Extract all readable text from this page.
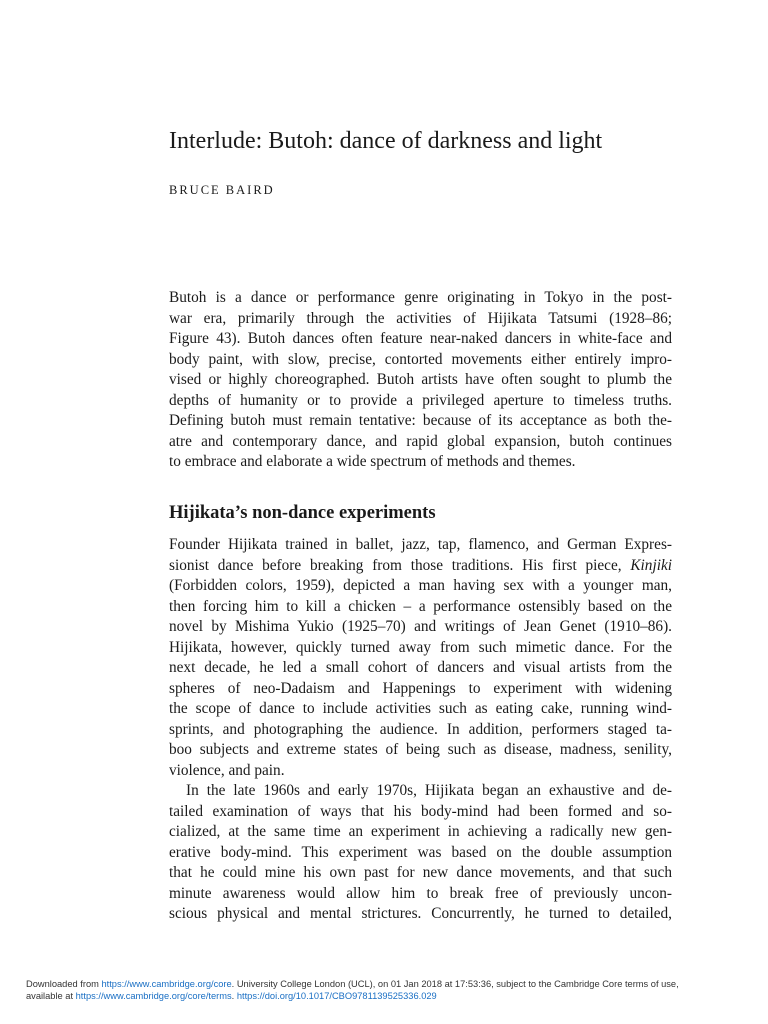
Interlude: Butoh: dance of darkness and light
BRUCE BAIRD

Butoh is a dance or performance genre originating in Tokyo in the post-
war era, primarily through the activities of Hijikata Tatsumi (1928–86;
Figure 43). Butoh dances often feature near-naked dancers in white-face and
body paint, with slow, precise, contorted movements either entirely impro-
vised or highly choreographed. Butoh artists have often sought to plumb the
depths of humanity or to provide a privileged aperture to timeless truths.
Defining butoh must remain tentative: because of its acceptance as both the-
atre and contemporary dance, and rapid global expansion, butoh continues
to embrace and elaborate a wide spectrum of methods and themes.

Hijikata’s non-dance experiments

Founder Hijikata trained in ballet, jazz, tap, flamenco, and German Expres-
sionist dance before breaking from those traditions. His first piece, Kinjiki
(Forbidden colors, 1959), depicted a man having sex with a younger man,
then forcing him to kill a chicken – a performance ostensibly based on the
novel by Mishima Yukio (1925–70) and writings of Jean Genet (1910–86).
Hijikata, however, quickly turned away from such mimetic dance. For the
next decade, he led a small cohort of dancers and visual artists from the
spheres of neo-Dadaism and Happenings to experiment with widening
the scope of dance to include activities such as eating cake, running wind-
sprints, and photographing the audience. In addition, performers staged ta-
boo subjects and extreme states of being such as disease, madness, senility,
violence, and pain.

In the late 1960s and early 1970s, Hijikata began an exhaustive and de-
tailed examination of ways that his body-mind had been formed and so-
cialized, at the same time an experiment in achieving a radically new gen-
erative body-mind. This experiment was based on the double assumption
that he could mine his own past for new dance movements, and that such
minute awareness would allow him to break free of previously uncon-
scious physical and mental strictures. Concurrently, he turned to detailed,

Downloaded from https://www.cambridge.org/core. University College London (UCL), on 01 Jan 2018 at 17:53:36, subject to the Cambridge Core terms of use,
available at https://www.cambridge.org/core/terms. https://doi.org/10.1017/CBO9781139525336.029
